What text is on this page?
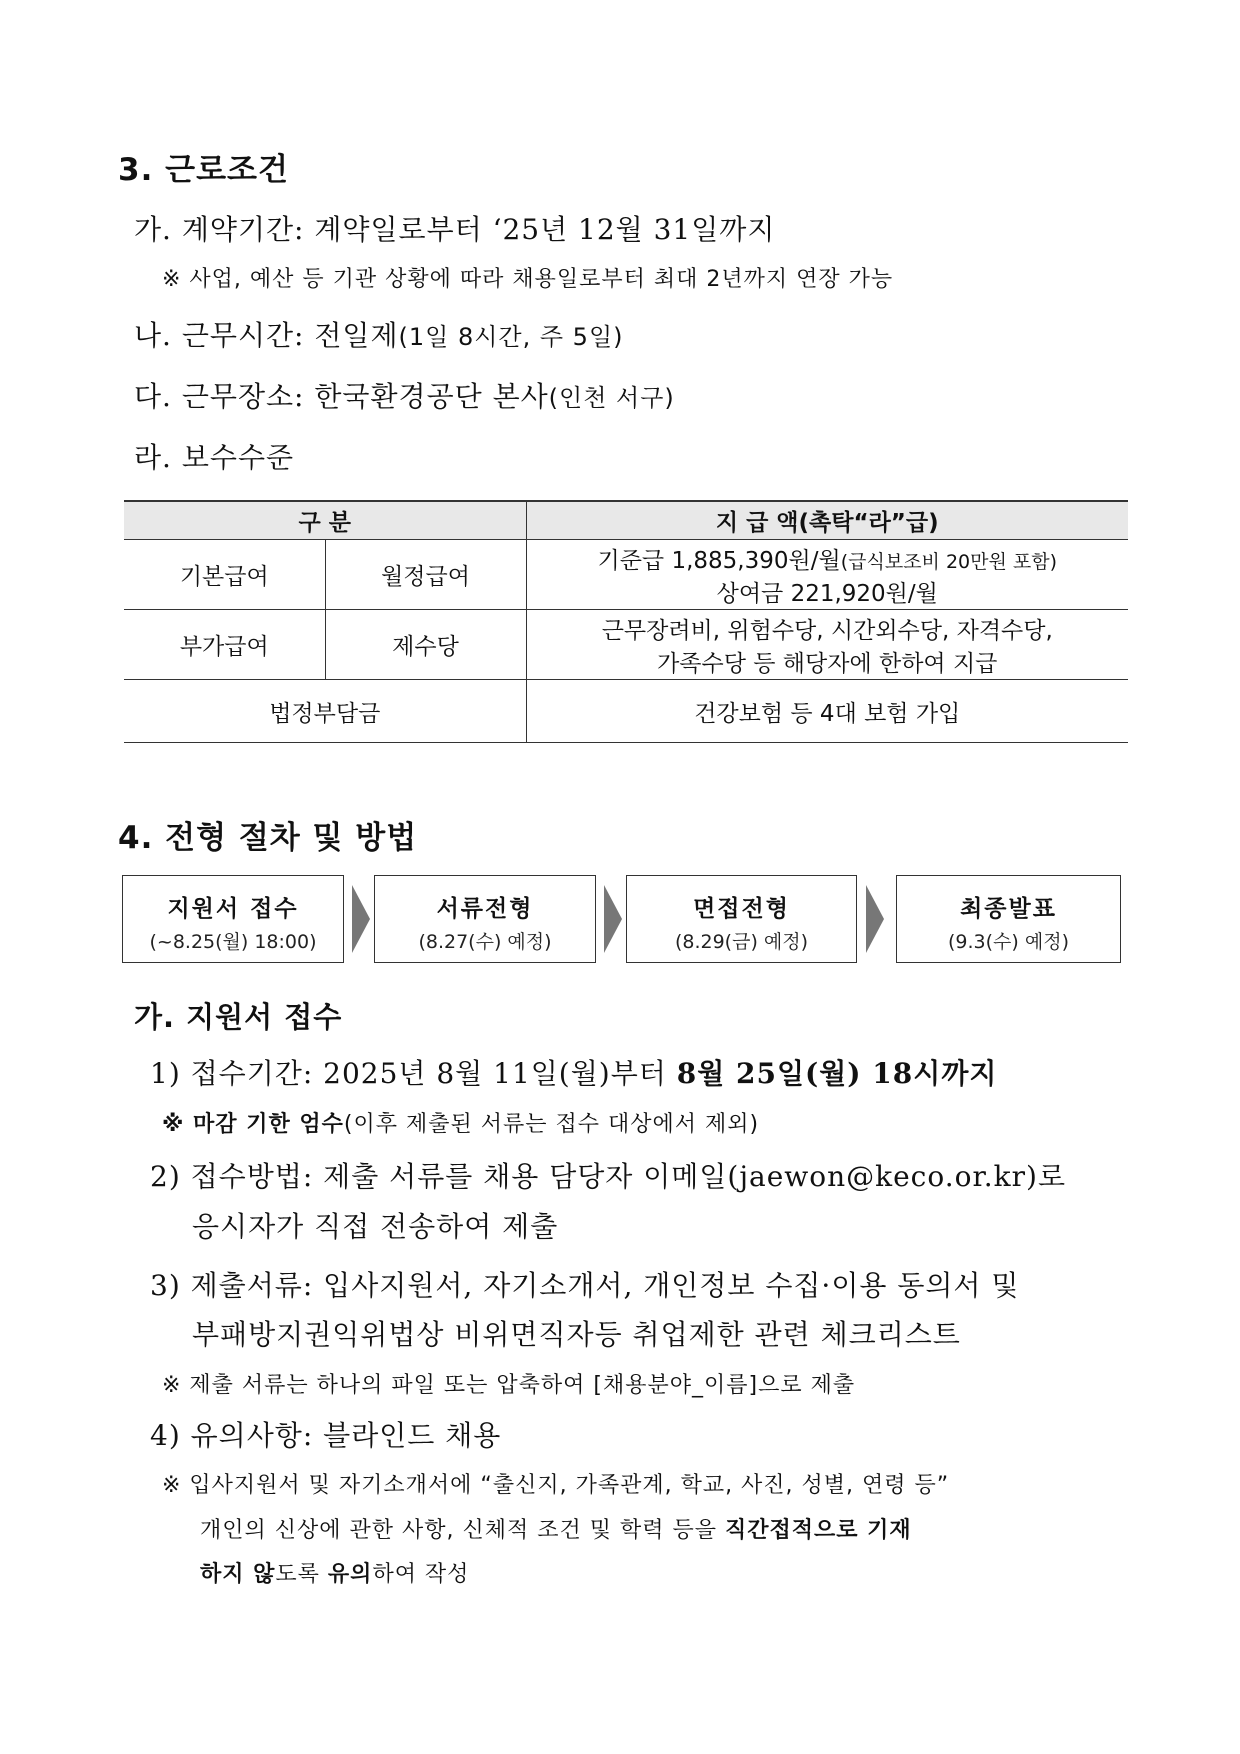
3. 근로조건
가. 계약기간: 계약일로부터 ‘25년 12월 31일까지
※ 사업, 예산 등 기관 상황에 따라 채용일로부터 최대 2년까지 연장 가능
나. 근무시간: 전일제(1일 8시간, 주 5일)
다. 근무장소: 한국환경공단 본사(인천 서구)
라. 보수수준
구 분		지 급 액(촉탁“라”급)
기본급여	월정급여	기준급 1,885,390원/월(급식보조비 20만원 포함)
상여금 221,920원/월

부가급여	제수당	근무장려비, 위험수당, 시간외수당, 자격수당,
가족수당 등 해당자에 한하여 지급

법정부담금		건강보험 등 4대 보험 가입
4. 전형 절차 및 방법
지원서 접수
(~8.25(월) 18:00)
서류전형
(8.27(수) 예정)
면접전형
(8.29(금) 예정)
최종발표
(9.3(수) 예정)
가. 지원서 접수
1) 접수기간: 2025년 8월 11일(월)부터 8월 25일(월) 18시까지
※ 마감 기한 엄수(이후 제출된 서류는 접수 대상에서 제외)
2) 접수방법: 제출 서류를 채용 담당자 이메일(jaewon@keco.or.kr)로
응시자가 직접 전송하여 제출
3) 제출서류: 입사지원서, 자기소개서, 개인정보 수집·이용 동의서 및
부패방지권익위법상 비위면직자등 취업제한 관련 체크리스트
※ 제출 서류는 하나의 파일 또는 압축하여 [채용분야_이름]으로 제출
4) 유의사항: 블라인드 채용
※ 입사지원서 및 자기소개서에 “출신지, 가족관계, 학교, 사진, 성별, 연령 등”
개인의 신상에 관한 사항, 신체적 조건 및 학력 등을 직간접적으로 기재
하지 않도록 유의하여 작성
